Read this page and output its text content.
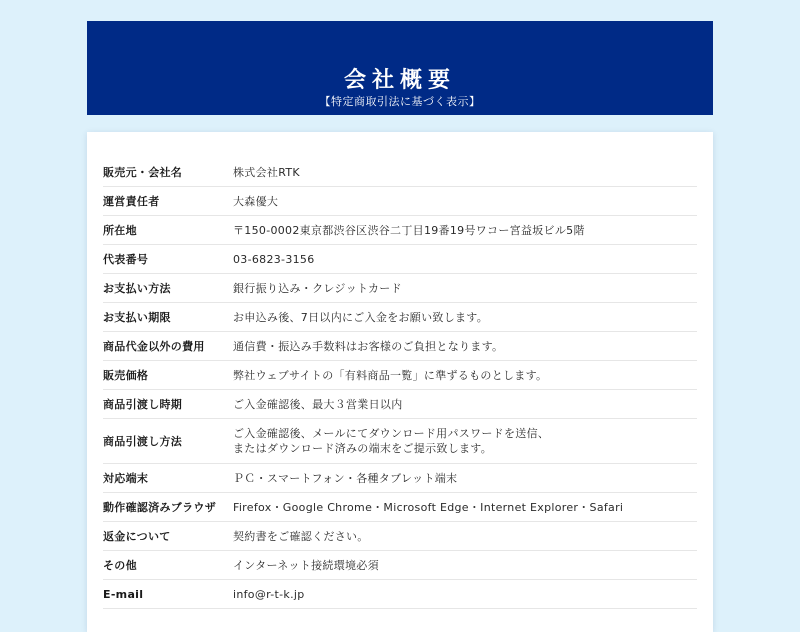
会社概要
【特定商取引法に基づく表示】
販売元・会社名	株式会社RTK
運営責任者	大森優大
所在地	〒150-0002東京都渋谷区渋谷二丁目19番19号ワコー宮益坂ビル5階
代表番号	03-6823-3156
お支払い方法	銀行振り込み・クレジットカード
お支払い期限	お申込み後、7日以内にご入金をお願い致します。
商品代金以外の費用	通信費・振込み手数料はお客様のご負担となります。
販売価格	弊社ウェブサイトの「有料商品一覧」に準ずるものとします。
商品引渡し時期	ご入金確認後、最大３営業日以内
商品引渡し方法	ご入金確認後、メールにてダウンロード用パスワードを送信、
またはダウンロード済みの端末をご提示致します。
対応端末	ＰＣ・スマートフォン・各種タブレット端末
動作確認済みブラウザ	Firefox・Google Chrome・Microsoft Edge・Internet Explorer・Safari
返金について	契約書をご確認ください。
その他	インターネット接続環境必須
E-mail	info@r-t-k.jp
